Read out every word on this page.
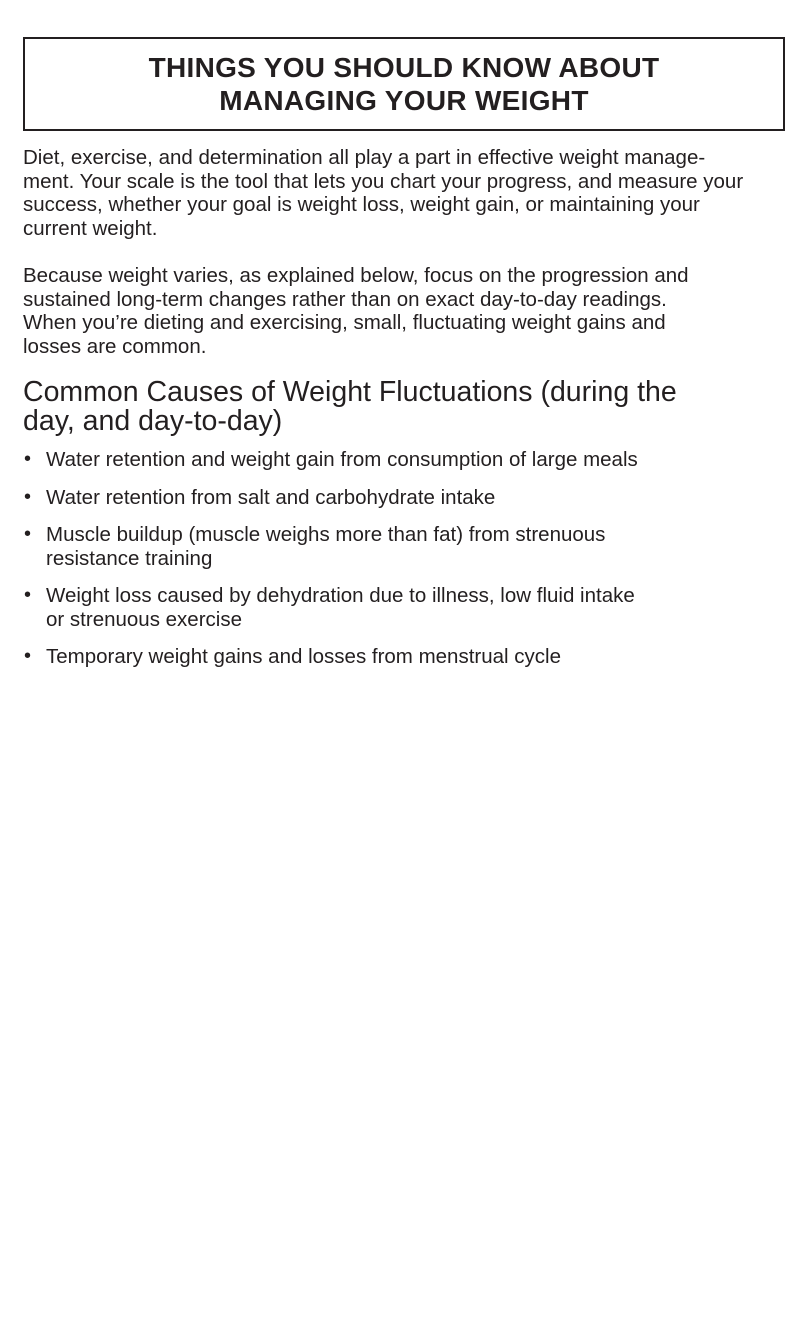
THINGS YOU SHOULD KNOW ABOUT
MANAGING YOUR WEIGHT

Diet, exercise, and determination all play a part in effective weight manage-
ment. Your scale is the tool that lets you chart your progress, and measure your
success, whether your goal is weight loss, weight gain, or maintaining your
current weight.

Because weight varies, as explained below, focus on the progression and
sustained long-term changes rather than on exact day-to-day readings.
When you’re dieting and exercising, small, fluctuating weight gains and
losses are common.

Common Causes of Weight Fluctuations (during the
day, and day-to-day)
• Water retention and weight gain from consumption of large meals
• Water retention from salt and carbohydrate intake
• Muscle buildup (muscle weighs more than fat) from strenuous
resistance training
• Weight loss caused by dehydration due to illness, low fluid intake
or strenuous exercise
• Temporary weight gains and losses from menstrual cycle
